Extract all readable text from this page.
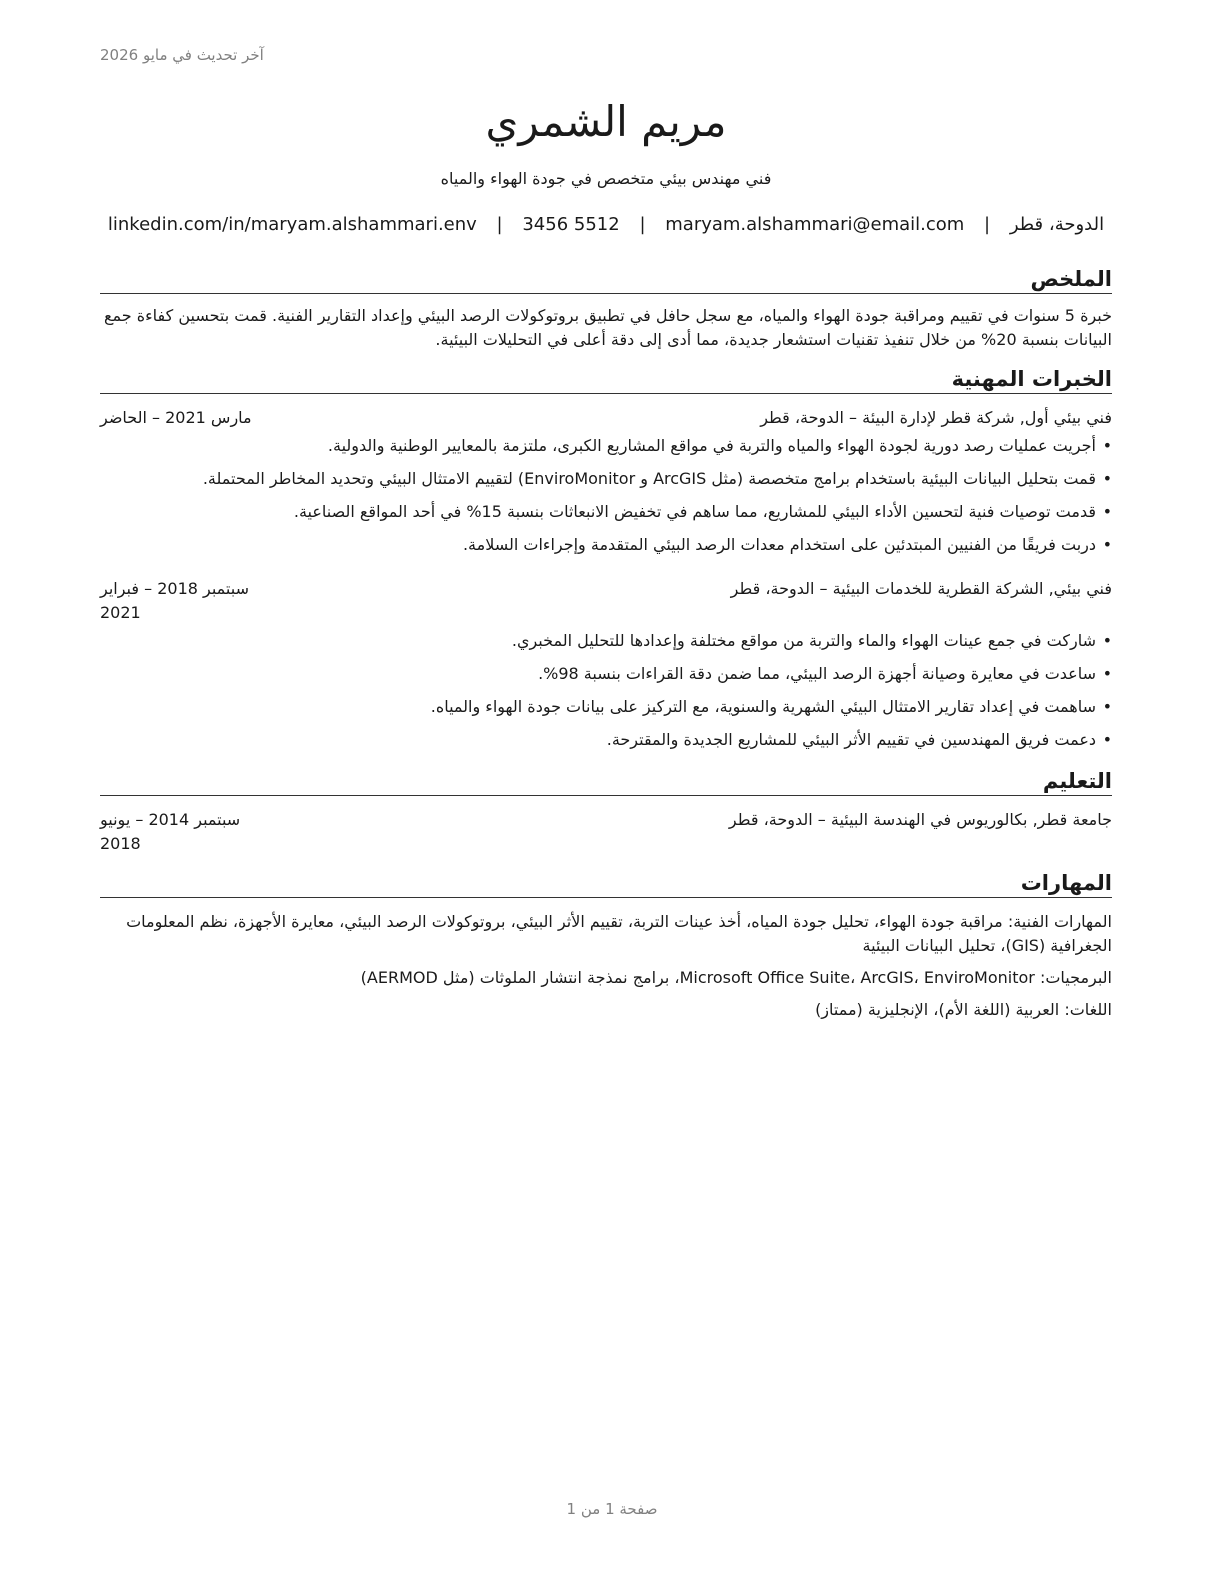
آخر تحديث في مايو 2026
مريم الشمري
فني مهندس بيئي متخصص في جودة الهواء والمياه
الدوحة، قطر | maryam.alshammari@email.com | 3456 5512 | linkedin.com/in/maryam.alshammari.env
الملخص
خبرة 5 سنوات في تقييم ومراقبة جودة الهواء والمياه، مع سجل حافل في تطبيق بروتوكولات الرصد البيئي وإعداد التقارير الفنية. قمت بتحسين كفاءة جمع البيانات بنسبة 20% من خلال تنفيذ تقنيات استشعار جديدة، مما أدى إلى دقة أعلى في التحليلات البيئية.
الخبرات المهنية
فني بيئي أول, شركة قطر لإدارة البيئة – الدوحة، قطر
مارس 2021 – الحاضر
• أجريت عمليات رصد دورية لجودة الهواء والمياه والتربة في مواقع المشاريع الكبرى، ملتزمة بالمعايير الوطنية والدولية.
• قمت بتحليل البيانات البيئية باستخدام برامج متخصصة (مثل ArcGIS و EnviroMonitor) لتقييم الامتثال البيئي وتحديد المخاطر المحتملة.
• قدمت توصيات فنية لتحسين الأداء البيئي للمشاريع، مما ساهم في تخفيض الانبعاثات بنسبة 15% في أحد المواقع الصناعية.
• دربت فريقًا من الفنيين المبتدئين على استخدام معدات الرصد البيئي المتقدمة وإجراءات السلامة.
فني بيئي, الشركة القطرية للخدمات البيئية – الدوحة، قطر
سبتمبر 2018 – فبراير 2021
• شاركت في جمع عينات الهواء والماء والتربة من مواقع مختلفة وإعدادها للتحليل المخبري.
• ساعدت في معايرة وصيانة أجهزة الرصد البيئي، مما ضمن دقة القراءات بنسبة 98%.
• ساهمت في إعداد تقارير الامتثال البيئي الشهرية والسنوية، مع التركيز على بيانات جودة الهواء والمياه.
• دعمت فريق المهندسين في تقييم الأثر البيئي للمشاريع الجديدة والمقترحة.
التعليم
جامعة قطر, بكالوريوس في الهندسة البيئية – الدوحة، قطر
سبتمبر 2014 – يونيو 2018
المهارات
المهارات الفنية: مراقبة جودة الهواء، تحليل جودة المياه، أخذ عينات التربة، تقييم الأثر البيئي، بروتوكولات الرصد البيئي، معايرة الأجهزة، نظم المعلومات الجغرافية (GIS)، تحليل البيانات البيئية
البرمجيات: Microsoft Office Suite، ArcGIS، EnviroMonitor، برامج نمذجة انتشار الملوثات (مثل AERMOD)
اللغات: العربية (اللغة الأم)، الإنجليزية (ممتاز)
صفحة 1 من 1
